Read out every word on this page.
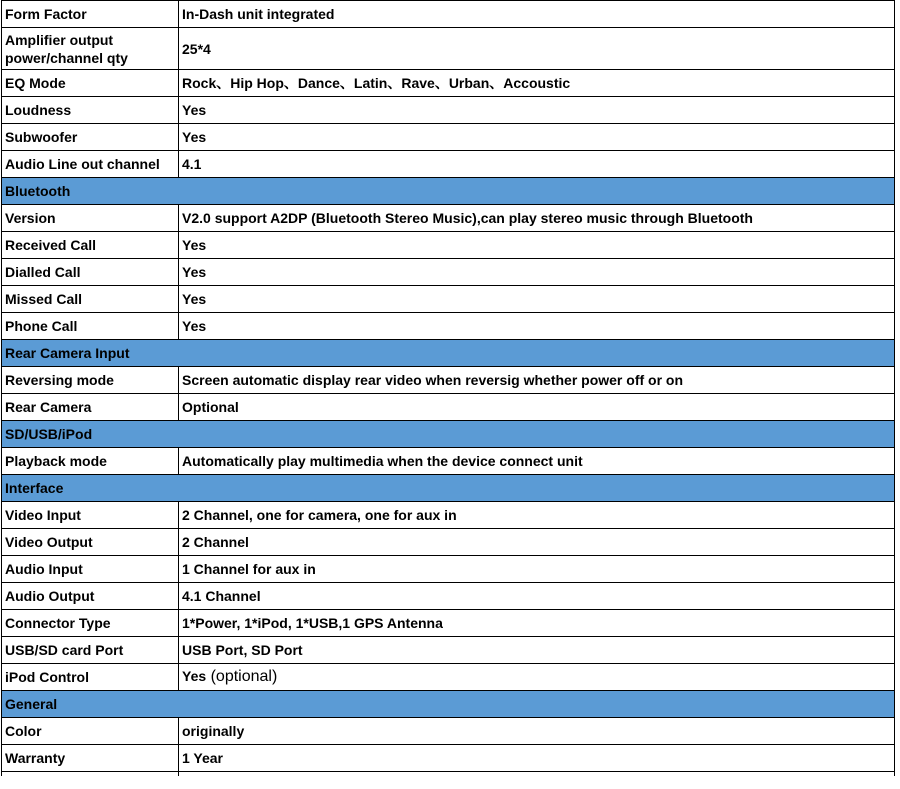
Form Factor	In-Dash unit integrated
Amplifier output power/channel qty	25*4
EQ Mode	Rock、Hip Hop、Dance、Latin、Rave、Urban、Accoustic
Loudness	Yes
Subwoofer	Yes
Audio Line out channel	4.1
Bluetooth	
Version	V2.0 support A2DP (Bluetooth Stereo Music),can play stereo music through Bluetooth
Received Call	Yes
Dialled Call	Yes
Missed Call	Yes
Phone Call	Yes
Rear Camera Input	
Reversing mode	Screen automatic display rear video when reversig whether power off or on
Rear Camera	Optional
SD/USB/iPod	
Playback mode	Automatically play multimedia when the device connect unit
Interface	
Video Input	2 Channel, one for camera, one for aux in
Video Output	2 Channel
Audio Input	1 Channel for aux in
Audio Output	4.1 Channel
Connector Type	1*Power, 1*iPod, 1*USB,1 GPS Antenna
USB/SD card Port	USB Port, SD Port
iPod Control	Yes (optional)
General	
Color	originally
Warranty	1 Year
